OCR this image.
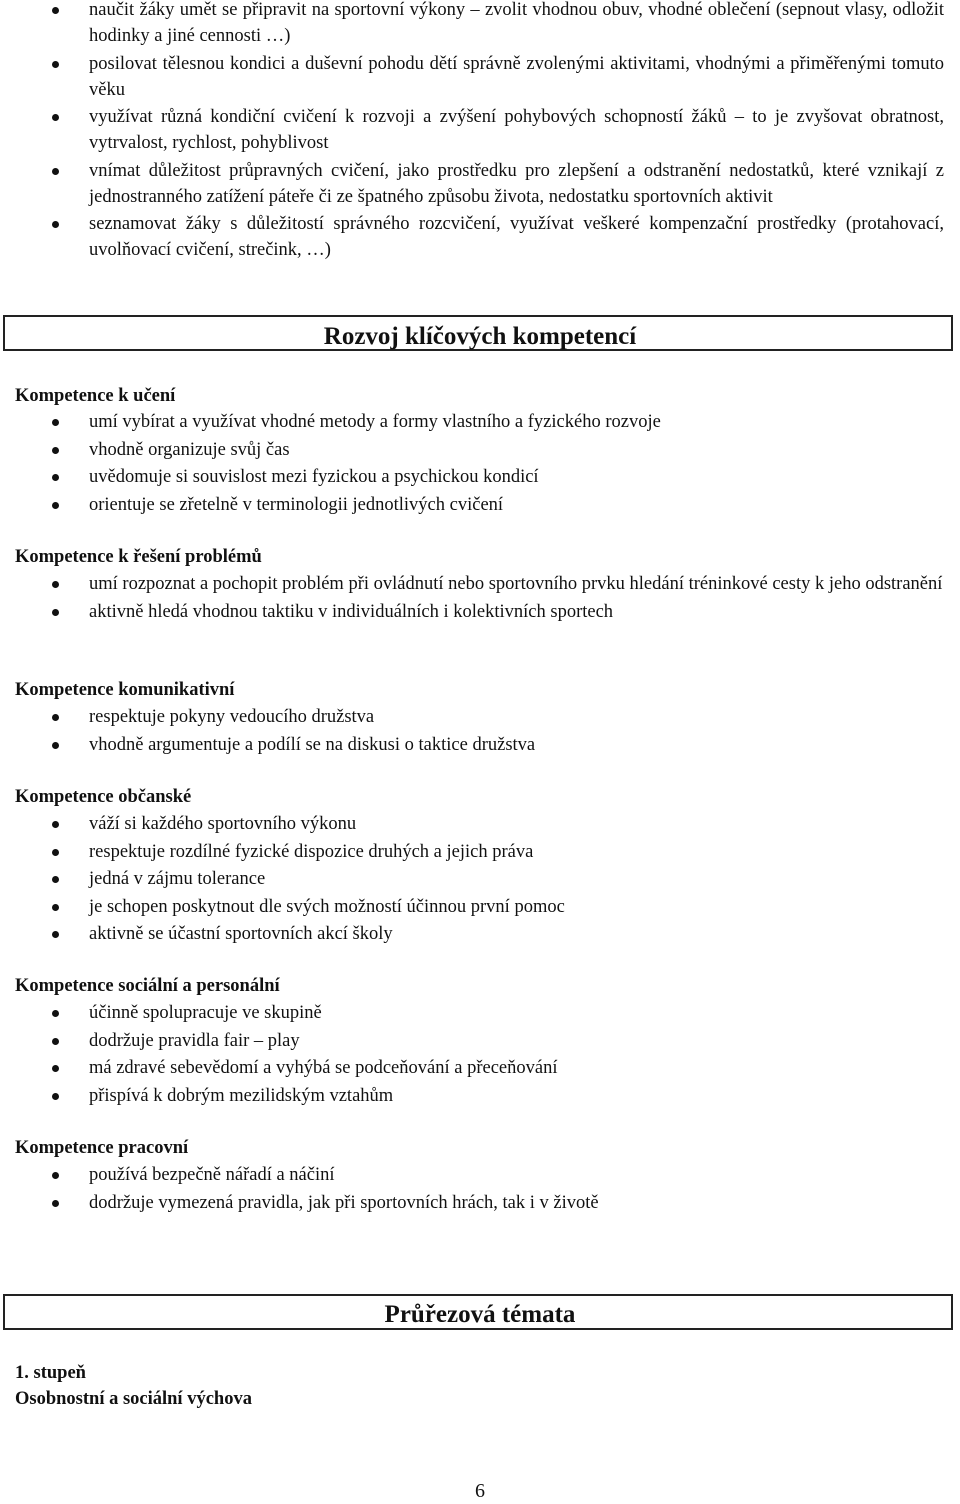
naučit žáky umět se připravit na sportovní výkony – zvolit vhodnou obuv, vhodné oblečení (sepnout vlasy, odložit hodinky a jiné cennosti …)
posilovat tělesnou kondici a duševní pohodu dětí správně zvolenými aktivitami, vhodnými a přiměřenými tomuto věku
využívat různá kondiční cvičení k rozvoji a zvýšení pohybových schopností žáků – to je zvyšovat obratnost, vytrvalost, rychlost, pohyblivost
vnímat důležitost průpravných cvičení, jako prostředku pro zlepšení a odstranění nedostatků, které vznikají z jednostranného zatížení páteře či ze špatného způsobu života, nedostatku sportovních aktivit
seznamovat žáky s důležitostí správného rozcvičení, využívat veškeré kompenzační prostředky (protahovací, uvolňovací cvičení, strečink, …)
Rozvoj klíčových kompetencí
Kompetence k učení
umí vybírat a využívat vhodné metody a formy vlastního a fyzického rozvoje
vhodně organizuje svůj čas
uvědomuje si souvislost mezi fyzickou a psychickou kondicí
orientuje se zřetelně v terminologii jednotlivých cvičení
Kompetence k řešení problémů
umí rozpoznat a pochopit problém při ovládnutí nebo sportovního prvku hledání tréninkové cesty k jeho odstranění
aktivně hledá vhodnou taktiku v individuálních i kolektivních sportech
Kompetence komunikativní
respektuje pokyny vedoucího družstva
vhodně argumentuje a podílí se na diskusi o taktice družstva
Kompetence občanské
váží si každého sportovního výkonu
respektuje rozdílné fyzické dispozice druhých a jejich práva
jedná v zájmu tolerance
je schopen poskytnout dle svých možností účinnou první pomoc
aktivně se účastní sportovních akcí školy
Kompetence sociální a personální
účinně spolupracuje ve skupině
dodržuje pravidla fair – play
má zdravé sebevědomí a vyhýbá se podceňování a přeceňování
přispívá k dobrým mezilidským vztahům
Kompetence pracovní
používá bezpečně nářadí a náčiní
dodržuje vymezená pravidla, jak při sportovních hrách, tak i v životě
Průřezová témata
1. stupeň
Osobnostní a sociální výchova
6
